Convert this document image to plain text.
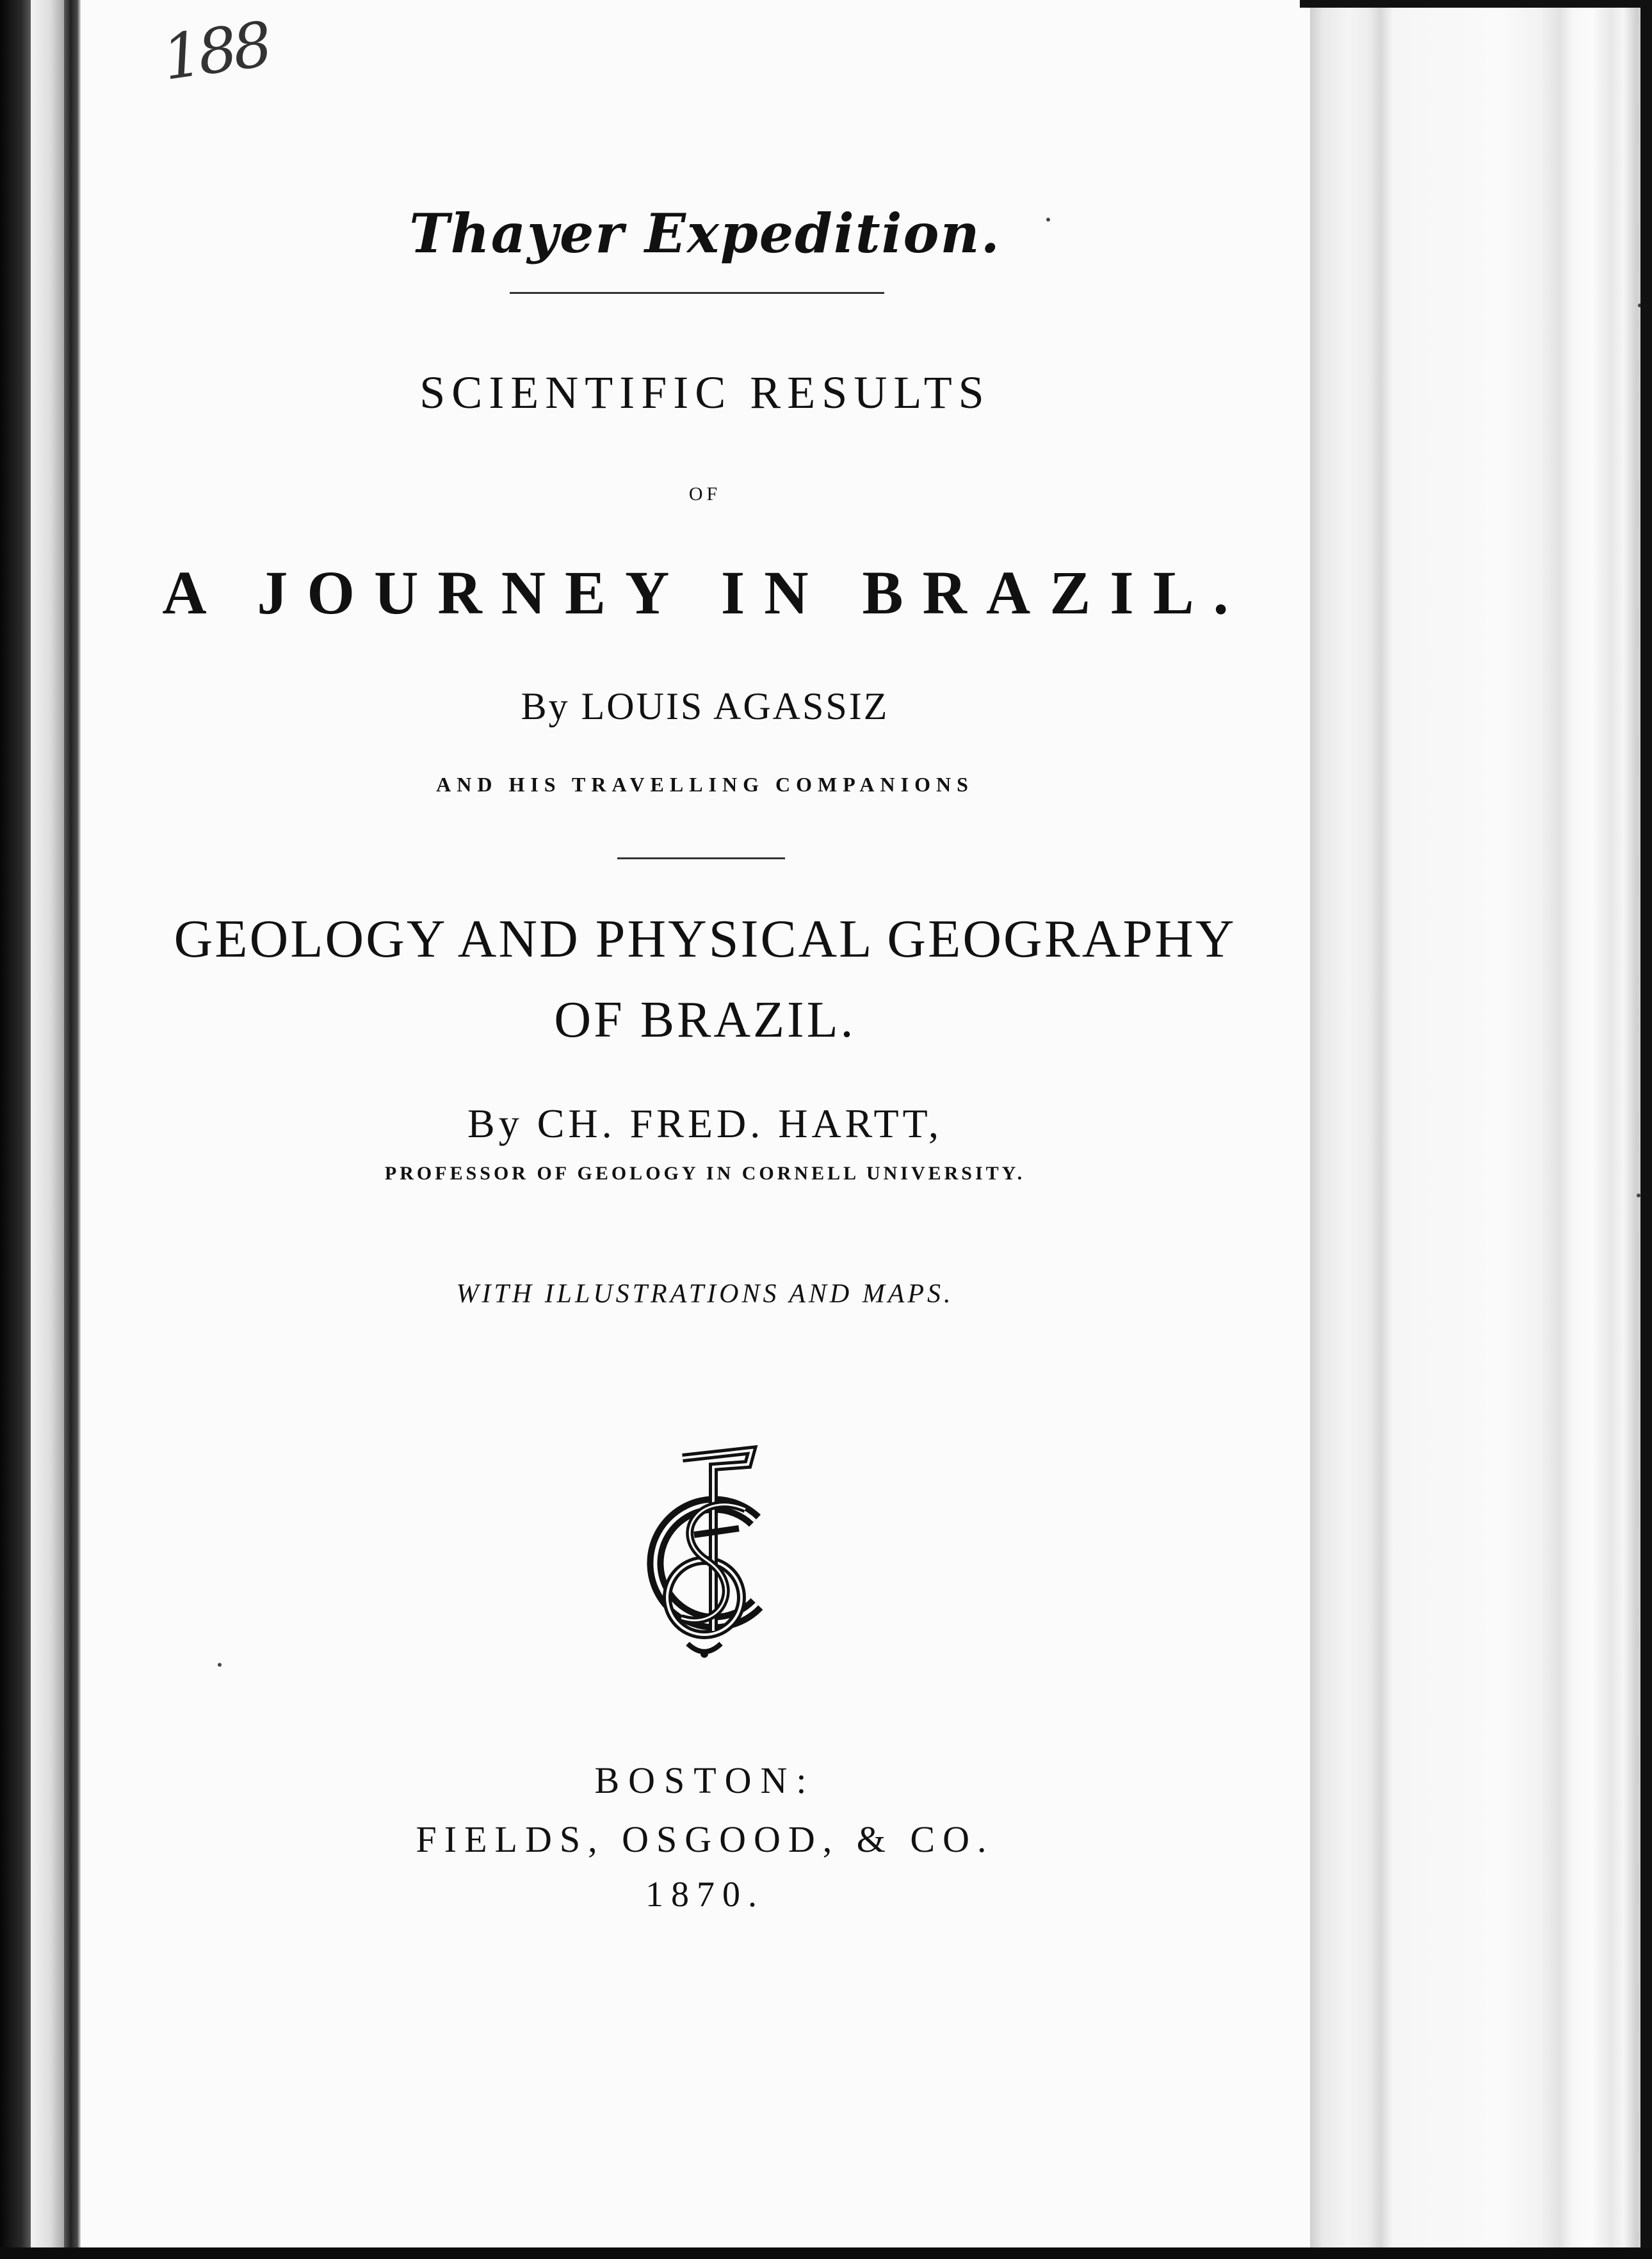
188
Thayer Expedition.
SCIENTIFIC RESULTS
OF
A JOURNEY IN BRAZIL.
By LOUIS AGASSIZ
AND HIS TRAVELLING COMPANIONS
GEOLOGY AND PHYSICAL GEOGRAPHY
OF BRAZIL.
By CH. FRED. HARTT,
PROFESSOR OF GEOLOGY IN CORNELL UNIVERSITY.
WITH ILLUSTRATIONS AND MAPS.
BOSTON:
FIELDS, OSGOOD, & CO.
1870.
